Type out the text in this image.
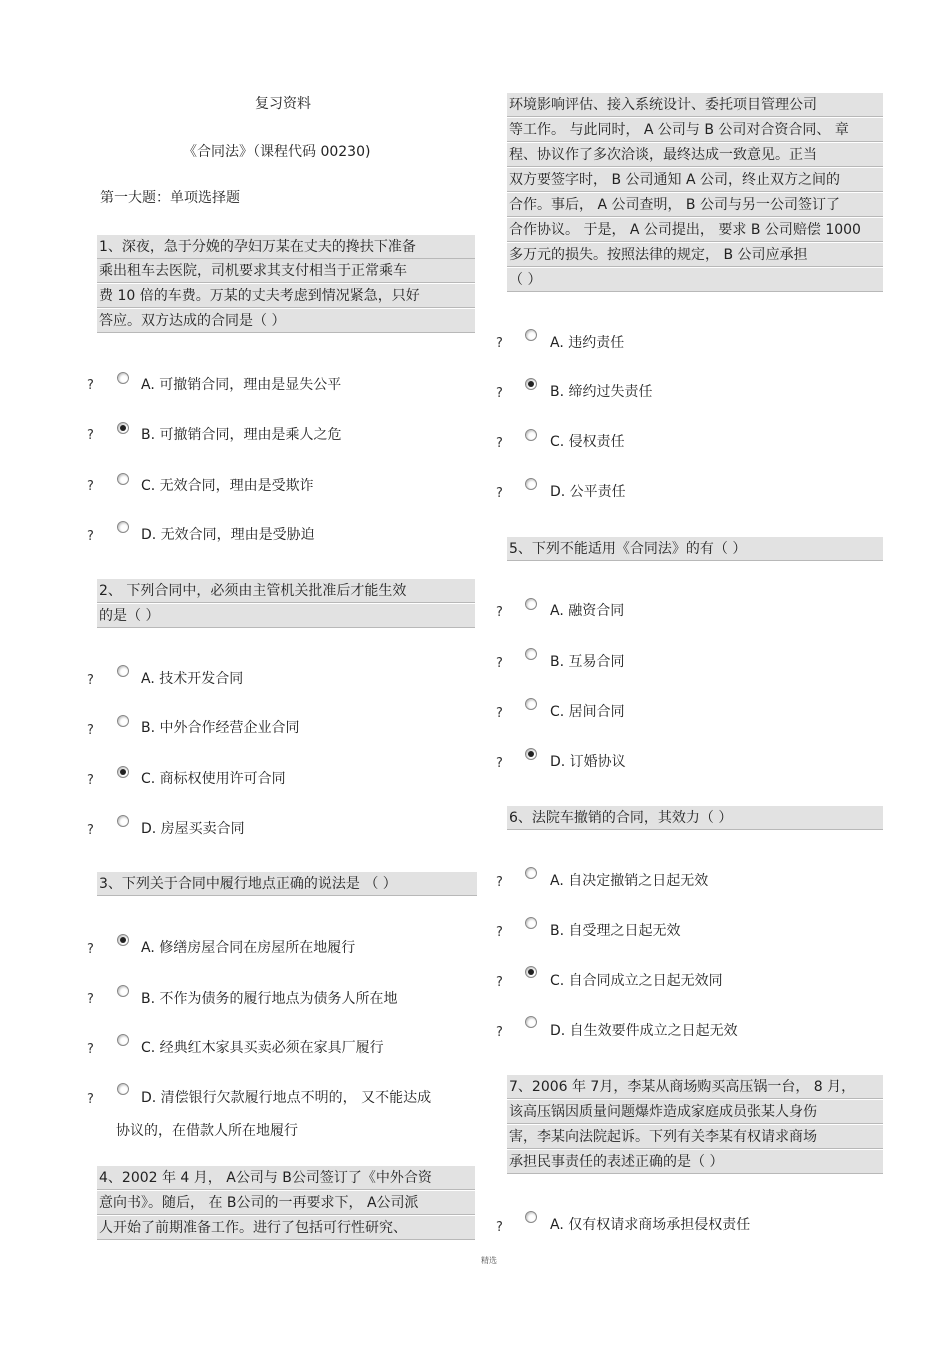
复习资料
《合同法》（课程代码 00230)
第一大题：单项选择题
1、深夜，急于分娩的孕妇万某在丈夫的搀扶下准备
乘出租车去医院，司机要求其支付相当于正常乘车
费 10 倍的车费。万某的丈夫考虑到情况紧急，只好
答应。双方达成的合同是（ ）
?	A. 可撤销合同，理由是显失公平
?	B. 可撤销合同，理由是乘人之危
?	C. 无效合同，理由是受欺诈
?	D. 无效合同，理由是受胁迫
2、 下列合同中，必须由主管机关批准后才能生效
的是（ ）
?	A. 技术开发合同
?	B. 中外合作经营企业合同
?	C. 商标权使用许可合同
?	D. 房屋买卖合同
3、下列关于合同中履行地点正确的说法是 （ ）
?	A. 修缮房屋合同在房屋所在地履行
?	B. 不作为债务的履行地点为债务人所在地
?	C. 经典红木家具买卖必须在家具厂履行
?	D. 清偿银行欠款履行地点不明的， 又不能达成
协议的，在借款人所在地履行
4、2002 年 4 月， A公司与 B公司签订了《中外合资
意向书》。随后， 在 B公司的一再要求下， A公司派
人开始了前期准备工作。进行了包括可行性研究、
环境影响评估、接入系统设计、委托项目管理公司
等工作。 与此同时， A 公司与 B 公司对合资合同、 章
程、协议作了多次洽谈，最终达成一致意见。正当
双方要签字时， B 公司通知 A 公司，终止双方之间的
合作。事后， A 公司查明， B 公司与另一公司签订了
合作协议。 于是， A 公司提出， 要求 B 公司赔偿 1000
多万元的损失。按照法律的规定， B 公司应承担
（ ）
?	A. 违约责任
?	B. 缔约过失责任
?	C. 侵权责任
?	D. 公平责任
5、下列不能适用《合同法》的有（ ）
?	A. 融资合同
?	B. 互易合同
?	C. 居间合同
?	D. 订婚协议
6、法院车撤销的合同，其效力（ ）
?	A. 自决定撤销之日起无效
?	B. 自受理之日起无效
?	C. 自合同成立之日起无效同
?	D. 自生效要件成立之日起无效
7、2006 年 7月，李某从商场购买高压锅一台， 8 月，
该高压锅因质量问题爆炸造成家庭成员张某人身伤
害，李某向法院起诉。下列有关李某有权请求商场
承担民事责任的表述正确的是（ ）
?	A. 仅有权请求商场承担侵权责任
精选
